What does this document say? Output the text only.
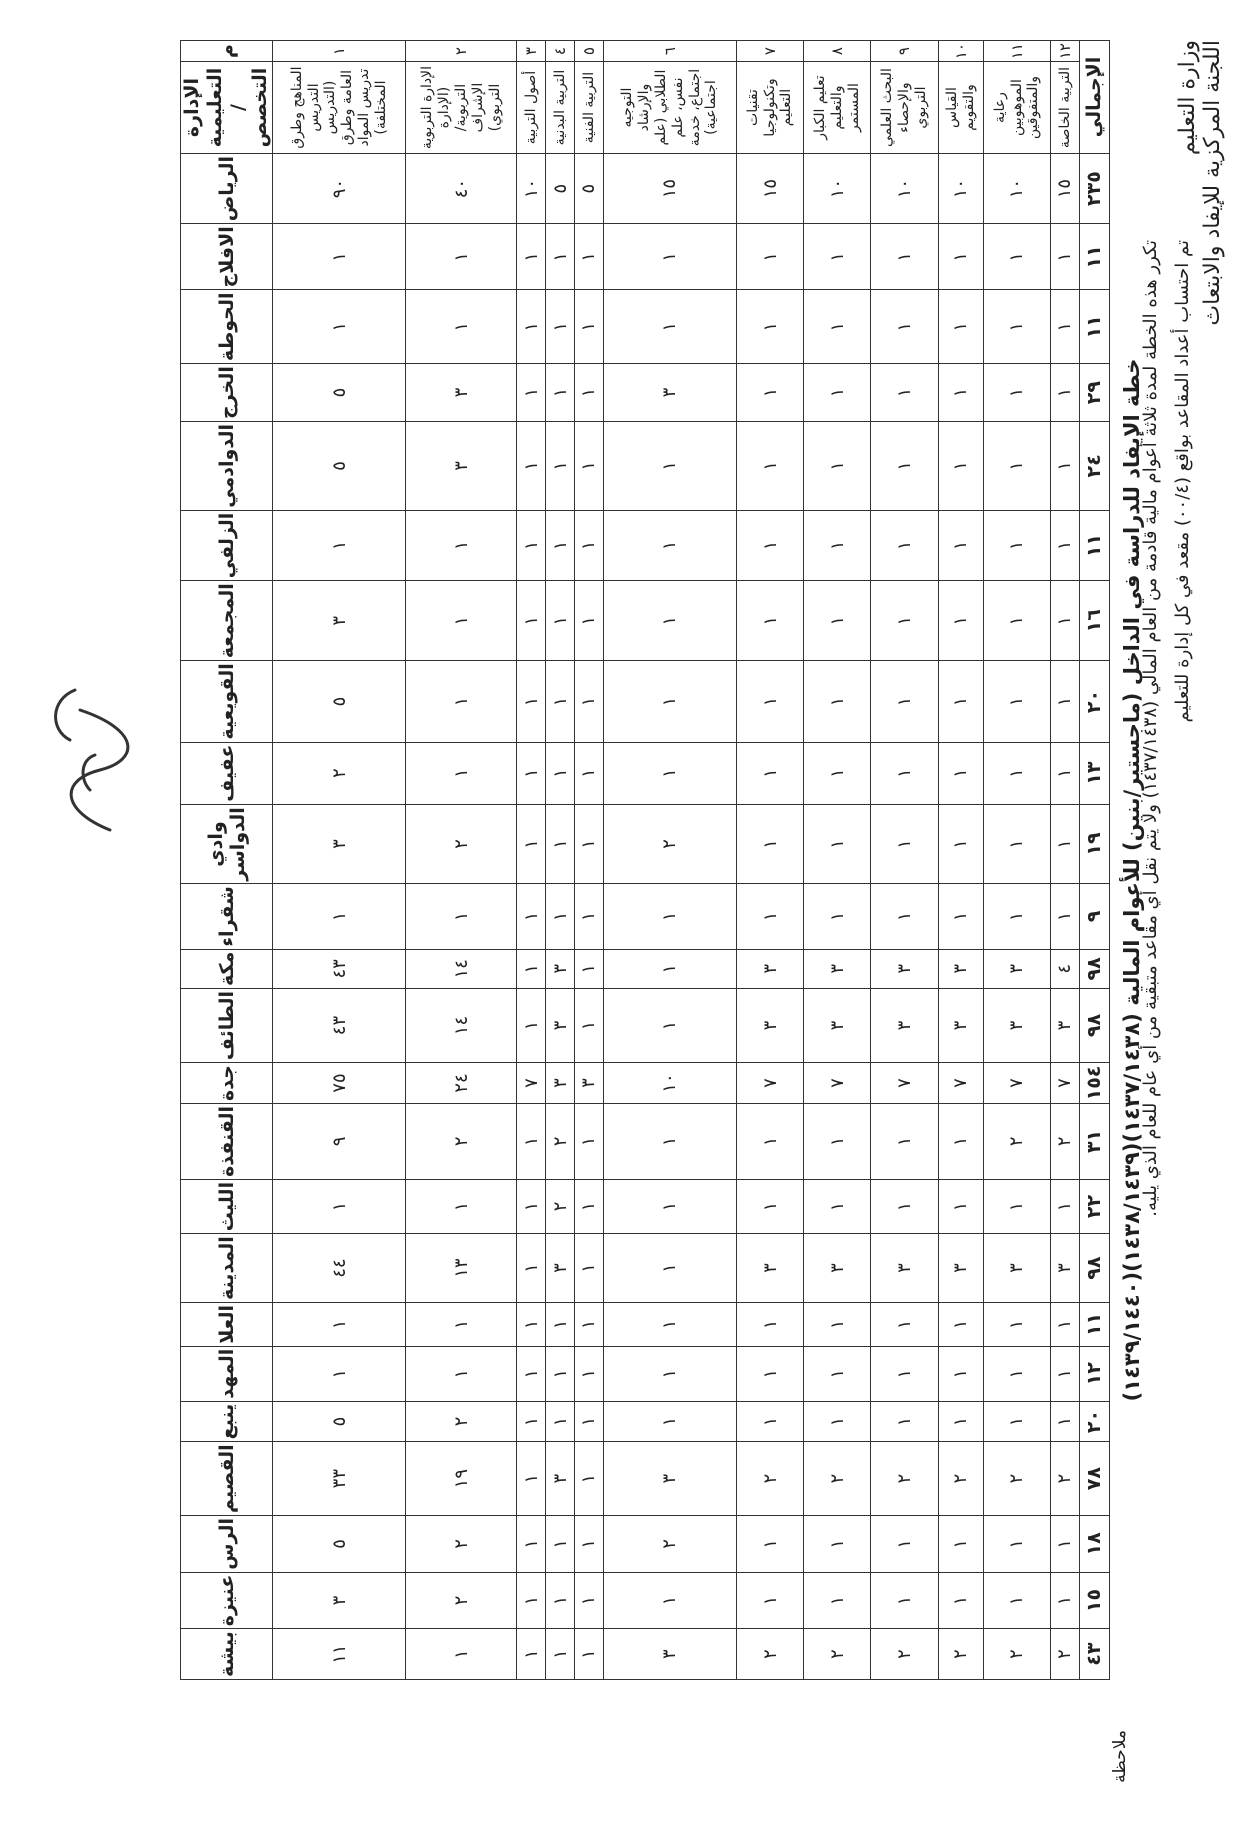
وزارة التعليم اللجنة المركزية للإيفاد والابتعاث
خطة الإيفاد للدراسة في الداخل (ماجستير/بنين) للأعوام المالية (١٤٣٧/١٤٣٨)(١٤٣٨/١٤٣٩)(١٤٣٩/١٤٤٠)
م	الإدارة التعليمية / التخصص	الرياض	الافلاج	الحوطة	الخرج	الدوادمي	الزلفي	المجمعة	القويعية	عفيف	وادي الدواسر	شقراء	مكة	الطائف	جدة	القنفذة	الليث	المدينة	العلا	المهد	ينبع	القصيم	الرس	عنيزة	بيشة
١	المناهج وطرق التدريس (التدريس العامة وطرق تدريس المواد المختلفة)	٩٠	١	١	٥	٥	١	٣	٥	٢	٣	١	٤٣	٤٣	٧٥	٩	١	٤٤	١	١	٥	٣٣	٥	٣	١١
٢	الإدارة التربوية (الإدارة التربوية/الإشراف التربوي)	٤٠	١	١	٣	٣	١	١	١	١	٢	١	١٤	١٤	٢٤	٢	١	١٣	١	١	٢	١٩	٢	٢	١
٣	أصول التربية	١٠	١	١	١	١	١	١	١	١	١	١	١	١	٧	١	١	١	١	١	١	١	١	١	١
٤	التربية البدنية	٥	١	١	١	١	١	١	١	١	١	١	٣	٣	٣	٢	٢	٣	١	١	١	٣	١	١	١
٥	التربية الفنية	٥	١	١	١	١	١	١	١	١	١	١	١	١	٣	١	١	١	١	١	١	١	١	١	١
٦	التوجيه والإرشاد الطلابي (علم نفس، علم اجتماع، خدمة اجتماعية)	١٥	١	١	٣	١	١	١	١	١	٢	١	١	١	١٠	١	١	١	١	١	١	٣	٢	١	٣
٧	تقنيات وتكنولوجيا التعليم	١٥	١	١	١	١	١	١	١	١	١	١	٣	٣	٧	١	١	٣	١	١	١	٢	١	١	٢
٨	تعليم الكبار والتعليم المستمر	١٠	١	١	١	١	١	١	١	١	١	١	٣	٣	٧	١	١	٣	١	١	١	٢	١	١	٢
٩	البحث العلمي والإحصاء التربوي	١٠	١	١	١	١	١	١	١	١	١	١	٣	٣	٧	١	١	٣	١	١	١	٢	١	١	٢
١٠	القياس والتقويم	١٠	١	١	١	١	١	١	١	١	١	١	٣	٣	٧	١	١	٣	١	١	١	٢	١	١	٢
١١	رعاية الموهوبين والمتفوقين	١٠	١	١	١	١	١	١	١	١	١	١	٣	٣	٧	٢	١	٣	١	١	١	٢	١	١	٢
١٢	التربية الخاصة	١٥	١	١	١	١	١	١	١	١	١	١	٤	٣	٧	٢	١	٣	١	١	١	٢	١	١	٢
الإجمالي		٢٣٥	١١	١١	٢٩	٢٤	١١	١٦	٢٠	١٣	١٩	٩	٩٨	٩٨	١٥٤	٣١	٢٢	٩٨	١١	١٢	٢٠	٧٨	١٨	١٥	٤٣
ملاحظة
تكرر هذه الخطة لمدة ثلاثة أعوام مالية قادمة من العام المالي (١٤٣٧/١٤٣٨) ولا يتم نقل أي مقاعد متبقية من أي عام للعام الذي يليه. تم احتساب أعداد المقاعد بواقع (٠٠/٤) مقعد في كل إدارة للتعليم
